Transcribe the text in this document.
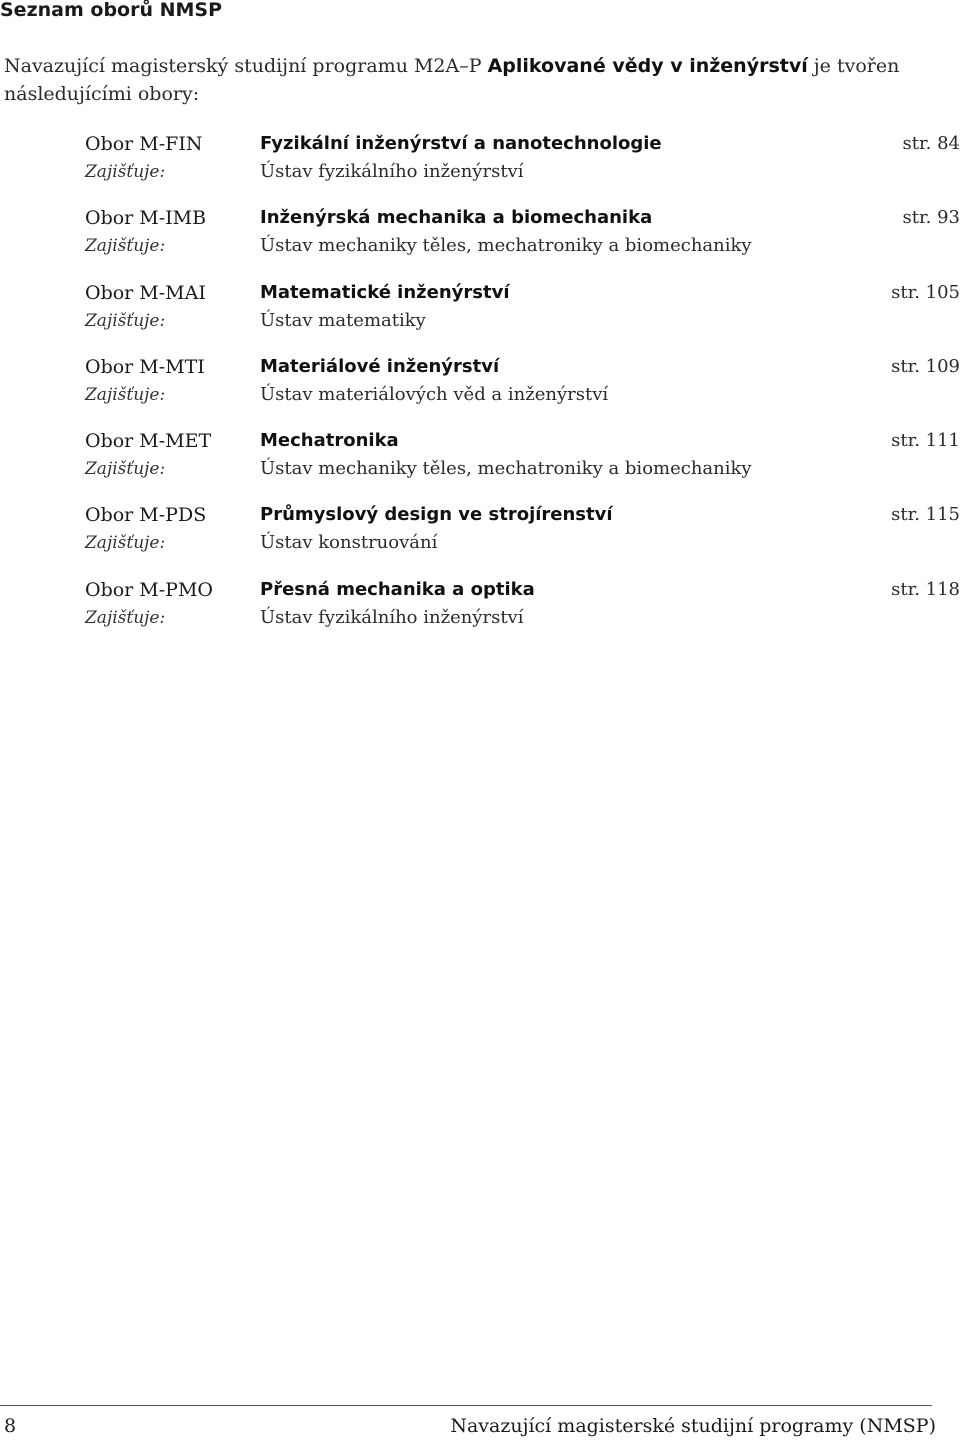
Seznam oborů NMSP

Navazující magisterský studijní programu M2A–P Aplikované vědy v inženýrství je tvořen následujícími obory:

Obor M-FIN	Fyzikální inženýrství a nanotechnologie	str. 84
Zajišťuje:	Ústav fyzikálního inženýrství
Obor M-IMB	Inženýrská mechanika a biomechanika	str. 93
Zajišťuje:	Ústav mechaniky těles, mechatroniky a biomechaniky
Obor M-MAI	Matematické inženýrství	str. 105
Zajišťuje:	Ústav matematiky
Obor M-MTI	Materiálové inženýrství	str. 109
Zajišťuje:	Ústav materiálových věd a inženýrství
Obor M-MET	Mechatronika	str. 111
Zajišťuje:	Ústav mechaniky těles, mechatroniky a biomechaniky
Obor M-PDS	Průmyslový design ve strojírenství	str. 115
Zajišťuje:	Ústav konstruování
Obor M-PMO	Přesná mechanika a optika	str. 118
Zajišťuje:	Ústav fyzikálního inženýrství
8	Navazující magisterské studijní programy (NMSP)
